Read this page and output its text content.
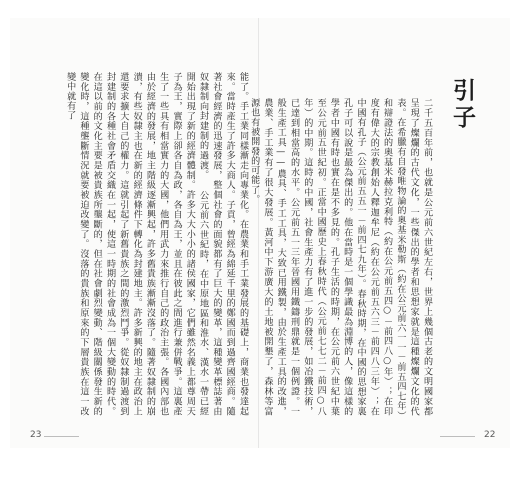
引子
二千五百年前，也就是公元前六世紀左右，世界上幾個古老的文明國家都呈現了燦爛的古代文化，一些傑出的學者和思想家就是這種燦爛文化的代表。在希臘有自發唯物論的奧基米勒斯（約在公元前六一一－前五四七年）和辯證法的奧基米赫拉克利特（約在公元前五四○－前四八○年）；在印度有偉大的宗教創始人釋迦牟尼（約在公元前五六三－前四八三年）；在中國有孔子（公元前五五一－前四七九年）。春秋時期，在中國的思想家裏孔子可以說是最為傑出的。他在當時是一個學識最為淵博的人，像這樣的學者中國有時也實在是不多見的。孔子生活的時期，在公元前六世紀中葉至公元前五世紀初。正當中國歷史上春秋時代（公元前七七二－前四○八年）的中期。這時的中國，社會生產力有了進一步的發展，如冶鐵技術，已達到相當高的水平。公元前五一三年晉國用鐵鑄刑鼎就是一個例證。一般生產工具——農具、手工工具，大致已用鐵製，由於生產工具的改進，農業、手工業有了很大發展。黃河中下游廣大的土地被開墾了，森林等富源也有被開發的可能了。
能了。手工業同樣漸走向專業化。在農業和手工業發展的基礎上，商業也發達起來。當時產生了許多大商人。子貢，曾經為綿延千里的鄭國而到過齊國經商。隨著社會經濟的迅速發展，整個社會的面貌都有了巨大的變革，這種變革標誌著由奴隸制向封建制的過渡。 公元前六世紀時，在中原地區和淮水、漢水一帶已經開始出現了新的經濟體制。許多大大小小的諸侯國家，它們雖然名義上都尊周天子為王，實際上卻各自為政，各自為王，並且在彼此之間進行兼併戰爭。這裏產生了一些具有相當實力的大國，他們用武力來推行自己的政治主張。各國內部也由於經濟的發展，地主階級逐漸興起，許多舊貴族漸漸沒落了。隨著奴隸制的崩潰，有些奴隸主也在新的經濟條件下轉化為封建地主。許多新興的地主在政治上還要求擴大自己的權力。這就引起了新舊貴族之間的激烈鬥爭。從奴隸制過渡到封建制的各種社會矛盾交織在一起，使這一時期的社會成為一個大變動的時代。 在這以前的文化主要是被貴族所壟斷的，但在社會劇烈變動、階級關係發生新的變化時，這種壟斷情況就要被迫改變了。沒落的貴族和原來的下層貴族在這一改變中就有了
23	22
